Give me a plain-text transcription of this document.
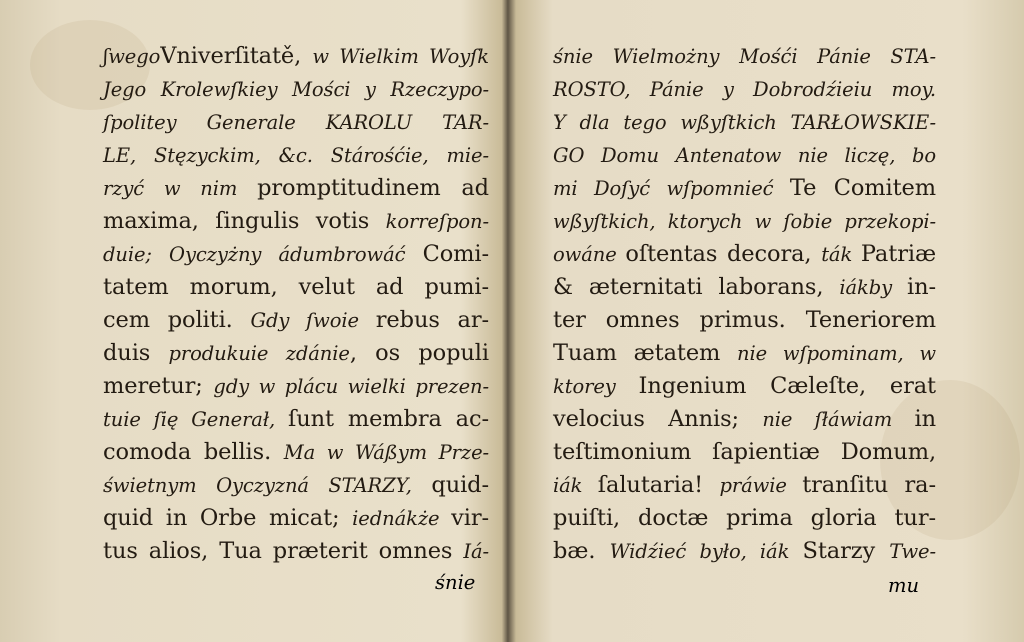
ʃwegoVniverſitatě, w Wielkim Woyſk
Jego Krolewſkiey Mości y Rzeczypo-
ſpolitey Generale KAROLU TAR-
LE, Stęzyckim, &c. Stárośćie, mie-
rzyć w nim promptitudinem ad
maxima, ſingulis votis korreſpon-
duie; Oyczyżny ádumbrowáć Comi-
tatem morum, velut ad pumi-
cem politi. Gdy ſwoie rebus ar-
duis produkuie zdánie, os populi
meretur; gdy w plácu wielki prezen-
tuie ſię Generał, ſunt membra ac-
comoda bellis. Ma w Wáßym Prze-
świetnym Oyczyzná STARZY, quid-
quid in Orbe micat; iednákże vir-
tus alios, Tua præterit omnes Iá-
śnie
śnie Wielmożny Mośći Pánie STA-
ROSTO, Pánie y Dobrodźieiu moy.
Y dla tego wßyſtkich TARŁOWSKIE-
GO Domu Antenatow nie liczę, bo
mi Doſyć wſpomnieć Te Comitem
wßyſtkich, ktorych w ſobie przekopi-
owáne oſtentas decora, ták Patriæ
& æternitati laborans, iákby in-
ter omnes primus. Teneriorem
Tuam ætatem nie wſpominam, w
ktorey Ingenium Cæleſte, erat
velocius Annis; nie ſłáwiam in
teſtimonium ſapientiæ Domum,
iák ſalutaria! práwie tranſitu ra-
puiſti, doctæ prima gloria tur-
bæ. Widźieć było, iák Starzy Twe-
mu
